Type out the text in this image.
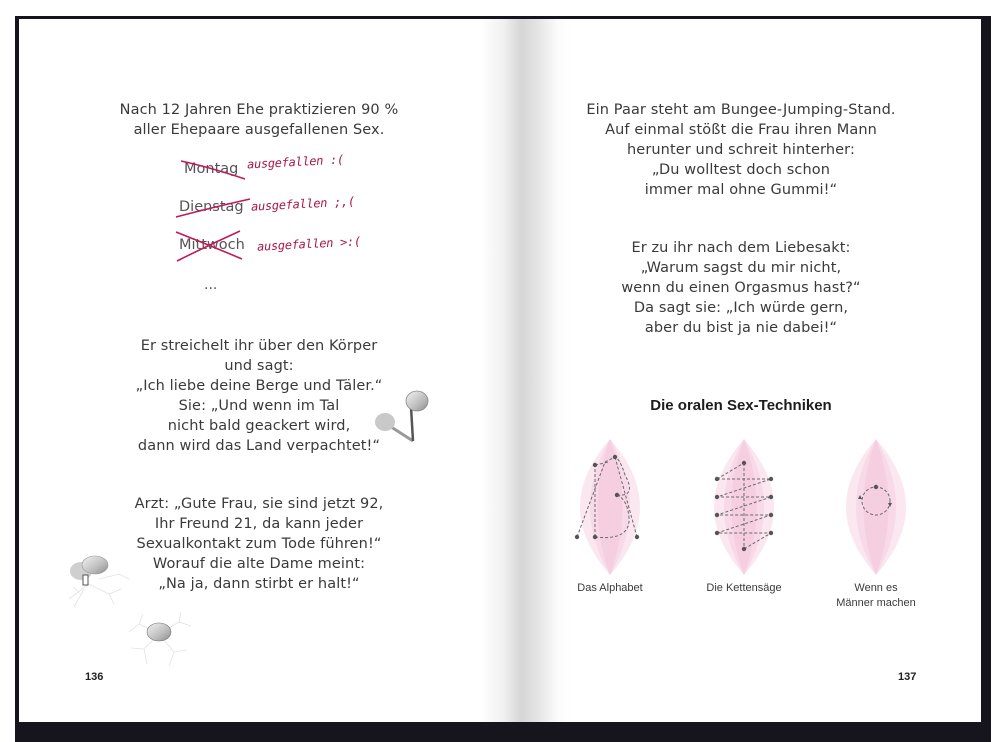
Nach 12 Jahren Ehe praktizieren 90 %
aller Ehepaare ausgefallenen Sex.
Montag ausgefallen :(
Dienstag ausgefallen ;,(
Mittwoch ausgefallen >:(
...
Er streichelt ihr über den Körper
und sagt:
„Ich liebe deine Berge und Täler.“
Sie: „Und wenn im Tal
nicht bald geackert wird,
dann wird das Land verpachtet!“
Arzt: „Gute Frau, sie sind jetzt 92,
Ihr Freund 21, da kann jeder
Sexualkontakt zum Tode führen!“
Worauf die alte Dame meint:
„Na ja, dann stirbt er halt!“
136
Ein Paar steht am Bungee-Jumping-Stand.
Auf einmal stößt die Frau ihren Mann
herunter und schreit hinterher:
„Du wolltest doch schon
immer mal ohne Gummi!“
Er zu ihr nach dem Liebesakt:
„Warum sagst du mir nicht,
wenn du einen Orgasmus hast?“
Da sagt sie: „Ich würde gern,
aber du bist ja nie dabei!“
Die oralen Sex-Techniken
Das Alphabet	Die Kettensäge	Wenn es
Männer machen
137
